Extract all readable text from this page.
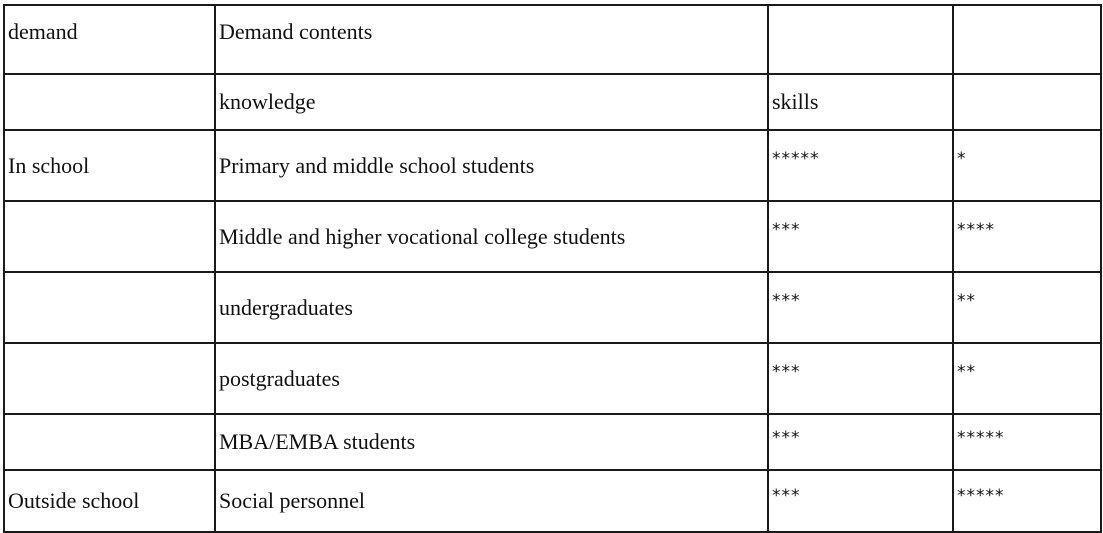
demand	Demand contents		
	knowledge	skills	
In school	Primary and middle school students	*****	*
	Middle and higher vocational college students	***	****
	undergraduates	***	**
	postgraduates	***	**
	MBA/EMBA students	***	*****
Outside school	Social personnel	***	*****
